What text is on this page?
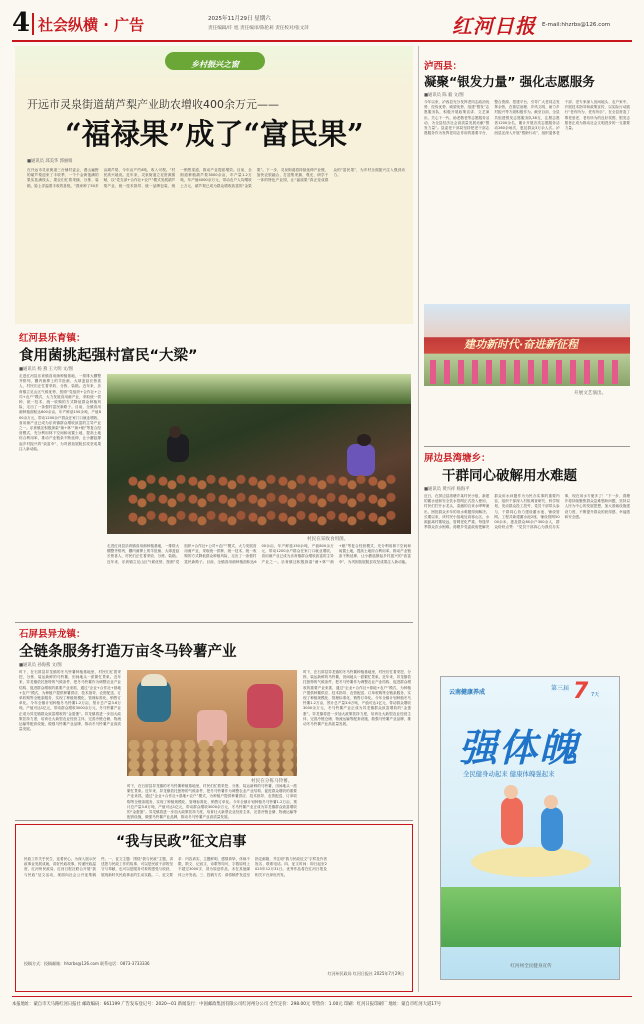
4 社会纵横 · 广告	2025年11月29日 星期六
责任编辑/许 旭 责任编审/陈伦莉 责任校对/张文萍	红河日报 E-mail:hhzrbs@126.com
乡村振兴之窗
开远市灵泉街道葫芦梨产业助农增收400余万元——
“福禄果”成了“富民果”
■通讯员 邱美华 郭丽娟
在开远市灵泉街道三台铺村委会，漫山遍野的葫芦梨迎来了丰收季，一个个金黄饱满的果实挂满枝头，果农们忙着采摘、分拣、装箱，脸上洋溢着丰收的喜悦。“我家种了50多亩葫芦梨，今年亩产约4吨，收入可观。”村民高兴地说。近年来，灵泉街道立足资源禀赋，以“党支部+合作社+农户”模式发展葫芦梨产业，统一技术指导、统一品牌包装、统一销售渠道，推动产业提质增效。目前，全街道种植葫芦梨3000余亩，年产量1.2万吨，年产值4000余万元，带动农户人均增收上万元，葫芦梨已成为群众增收致富的“金果果”。下一步，灵泉街道将持续延伸产业链，加快农旅融合，打造集采摘、观光、研学于一体的特色产业园，让“福禄果”真正变成群众的“富民果”，为乡村全面振兴注入强劲动力。
红河县乐育镇：
食用菌挑起强村富民“大梁”
■通讯员 杨 燕 王大明 文/图
走进红河县乐育镇食用菌种植基地，一排排大棚整齐排列，棚内菌棒上的羊肚菌、大球盖菇长势喜人，村民们正忙着采收、分拣、装箱。近年来，乐育镇立足山区气候优势，按照“党组织+合作社+公司+农户”模式，大力发展食用菌产业，采取统一供种、统一技术、统一收购的方式降低群众种植风险，走出了一条强村富民新路子。目前，全镇食用菌种植面积达600余亩，年产鲜菇150余吨，产值800余万元，带动1200余户群众在家门口就业增收，食用菌产业已成为乐育镇群众增收致富的主导产业之一。乐育镇还积极探索“菌+林”“菌+粮”等复合经营模式，充分利用林下空间和闲置土地，提高土地综合利用率，推动产业链条不断延伸，让小蘑菇撑起乡村振兴的“致富伞”，为巩固拓展脱贫攻坚成果注入新动能。
村民在采收食用菌。
走进红河县乐育镇食用菌种植基地，一排排大棚整齐排列，棚内菌棒上的羊肚菌、大球盖菇长势喜人，村民们正忙着采收、分拣、装箱。近年来，乐育镇立足山区气候优势，按照“党组织+合作社+公司+农户”模式，大力发展食用菌产业，采取统一供种、统一技术、统一收购的方式降低群众种植风险，走出了一条强村富民新路子。目前，全镇食用菌种植面积达600余亩，年产鲜菇150余吨，产值800余万元，带动1200余户群众在家门口就业增收，食用菌产业已成为乐育镇群众增收致富的主导产业之一。乐育镇还积极探索“菌+林”“菌+粮”等复合经营模式，充分利用林下空间和闲置土地，提高土地综合利用率，推动产业链条不断延伸，让小蘑菇撑起乡村振兴的“致富伞”，为巩固拓展脱贫攻坚成果注入新动能。
石屏县异龙镇：
全链条服务打造万亩冬马铃薯产业
■通讯员 孙海燕 文/图
时下，在石屏县异龙镇的冬马铃薯种植基地里，村民们忙着采挖、分拣、装运新鲜的马铃薯，田间地头一派繁忙景象。近年来，异龙镇依托独特的气候条件，把冬马铃薯作为调整农业产业结构、促进群众增收的重要产业来抓，通过“企业+合作社+基地+农户”模式，为种植户提供种薯供应、技术指导、农资配送、订单收购等全链条服务，实现了种植规模化、管理标准化、销售订单化。今年全镇计划种植冬马铃薯1.2万亩，预计总产量3.6万吨，产值可达1亿元，带动群众增收3000余万元，冬马铃薯产业正成为异龙镇群众致富增收的“金蛋蛋”。异龙镇将进一步加大政策扶持力度，培育壮大新型农业经营主体，完善冷链仓储、物流运输等配套设施，做强马铃薯产业品牌，推动冬马铃薯产业高质量发展。
村民在分拣马铃薯。
时下，在石屏县异龙镇的冬马铃薯种植基地里，村民们忙着采挖、分拣、装运新鲜的马铃薯，田间地头一派繁忙景象。近年来，异龙镇依托独特的气候条件，把冬马铃薯作为调整农业产业结构、促进群众增收的重要产业来抓，通过“企业+合作社+基地+农户”模式，为种植户提供种薯供应、技术指导、农资配送、订单收购等全链条服务，实现了种植规模化、管理标准化、销售订单化。今年全镇计划种植冬马铃薯1.2万亩，预计总产量3.6万吨，产值可达1亿元，带动群众增收3000余万元，冬马铃薯产业正成为异龙镇群众致富增收的“金蛋蛋”。异龙镇将进一步加大政策扶持力度，培育壮大新型农业经营主体，完善冷链仓储、物流运输等配套设施，做强马铃薯产业品牌，推动冬马铃薯产业高质量发展。
时下，在石屏县异龙镇的冬马铃薯种植基地里，村民们忙着采挖、分拣、装运新鲜的马铃薯，田间地头一派繁忙景象。近年来，异龙镇依托独特的气候条件，把冬马铃薯作为调整农业产业结构、促进群众增收的重要产业来抓，通过“企业+合作社+基地+农户”模式，为种植户提供种薯供应、技术指导、农资配送、订单收购等全链条服务，实现了种植规模化、管理标准化、销售订单化。今年全镇计划种植冬马铃薯1.2万亩，预计总产量3.6万吨，产值可达1亿元，带动群众增收3000余万元，冬马铃薯产业正成为异龙镇群众致富增收的“金蛋蛋”。异龙镇将进一步加大政策扶持力度，培育壮大新型农业经营主体，完善冷链仓储、物流运输等配套设施，做强马铃薯产业品牌，推动冬马铃薯产业高质量发展。
“我与民政”征文启事
民政工作关乎民生、连着民心。为深入展示民政事业发展成就，讲好民政故事，传递民政温度，红河州民政局、红河日报社联合开展“我与民政”征文活动，现面向社会公开征集稿件。一、征文主题：围绕“我与民政”主题，讲述您与民政工作的故事，可以是民政干部的坚守与奉献，也可以是服务对象的感受与收获，展现新时代民政事业的生动实践。二、征文要求：内容真实、主题鲜明、感情真挚，体裁不限，散文、记叙文、诗歌等均可，字数原则上不超过3000字，须为原创作品，未在其他媒体公开发表。三、投稿方式：请将稿件发送至指定邮箱，并注明“我与民政征文”字样及作者姓名、联系电话。四、征文时间：即日起至2025年12月31日。优秀作品将在红河日报及相关平台择优刊发。
投稿方式：投稿邮箱：hhzrbs@126.com 联系电话：0873-3733336
红河州民政局 红河日报社 2025年7月29日
泸西县：
凝聚“银发力量” 强化志愿服务
■通讯员 陈 毅 文/图
今年以来，泸西县充分发挥老同志政治优势、经验优势、威望优势，组建“银发”志愿服务队，积极开展政策宣讲、文艺演出、关心下一代、助老敬老等志愿服务活动，为全县经济社会高质量发展贡献“银发力量”。县委老干部局坚持把老干部志愿服务作为发挥老同志作用的重要平台，整合资源、搭建平台，引导广大老同志发挥余热，在基层治理、乡风文明、助力乡村振兴等方面积极作为。截至目前，全县共组建银发志愿服务队38支，注册志愿者1200余名，累计开展各类志愿服务活动260余场次，惠及群众3万余人次。泸西县还深入开展“银龄行动”，组织退休老干部、老专家深入田间地头、农户家中，开展技术指导和政策宣传，以实际行动践行“老有所为、老有所乐”，在全县营造了尊老爱老、老有所为的良好氛围，银发志愿者正成为推动社会文明进步的一支重要力量。
建功新时代·奋进新征程
开展文艺演出。
屏边县湾塘乡：
干群同心破解用水难题
■通讯员 黄兴祥 杨海平
近日，在屏边县湾塘乡某村民小组，新建的蓄水池和安全饮水管网正式投入使用，村民们拧开水龙头，清澈的自来水哗哗流出，困扰群众多年的用水难题得到解决。长期以来，该村民小组地处高寒山区，水源距离村寨较远，管网老化严重，每逢旱季群众饮水困难。湾塘乡党委政府把解决群众用水问题作为为民办实事的重要内容，组织干部深入村组调查研究、科学规划，发动群众投工投劳，党员干部带头参与，干群同心协力建设蓄水池、铺设管网。工程共新建蓄水池2座，铺设管网5000余米，惠及群众80余户300余人，群众纷纷点赞：“党员干部真心为我们办实事，现在用水方便多了！”下一步，湾塘乡将持续聚焦群众急难愁盼问题，坚持以人民为中心的发展思想，加大基础设施建设力度，不断提升群众的获得感、幸福感和安全感。
云南健康养成
第三届 7 7天
强体魄
全民健身动起来 健康体魄强起来
红河州全民健身宣传
本报地址：蒙自市天马路红河日报社 邮政编码：661199 广告发布登记号：2020—01 新闻发行：中国邮政集团有限公司红河州分公司 全年定价：298.00元 零售价：1.00元 印刷：红河日报印刷厂 地址：蒙自市红河大道17号
